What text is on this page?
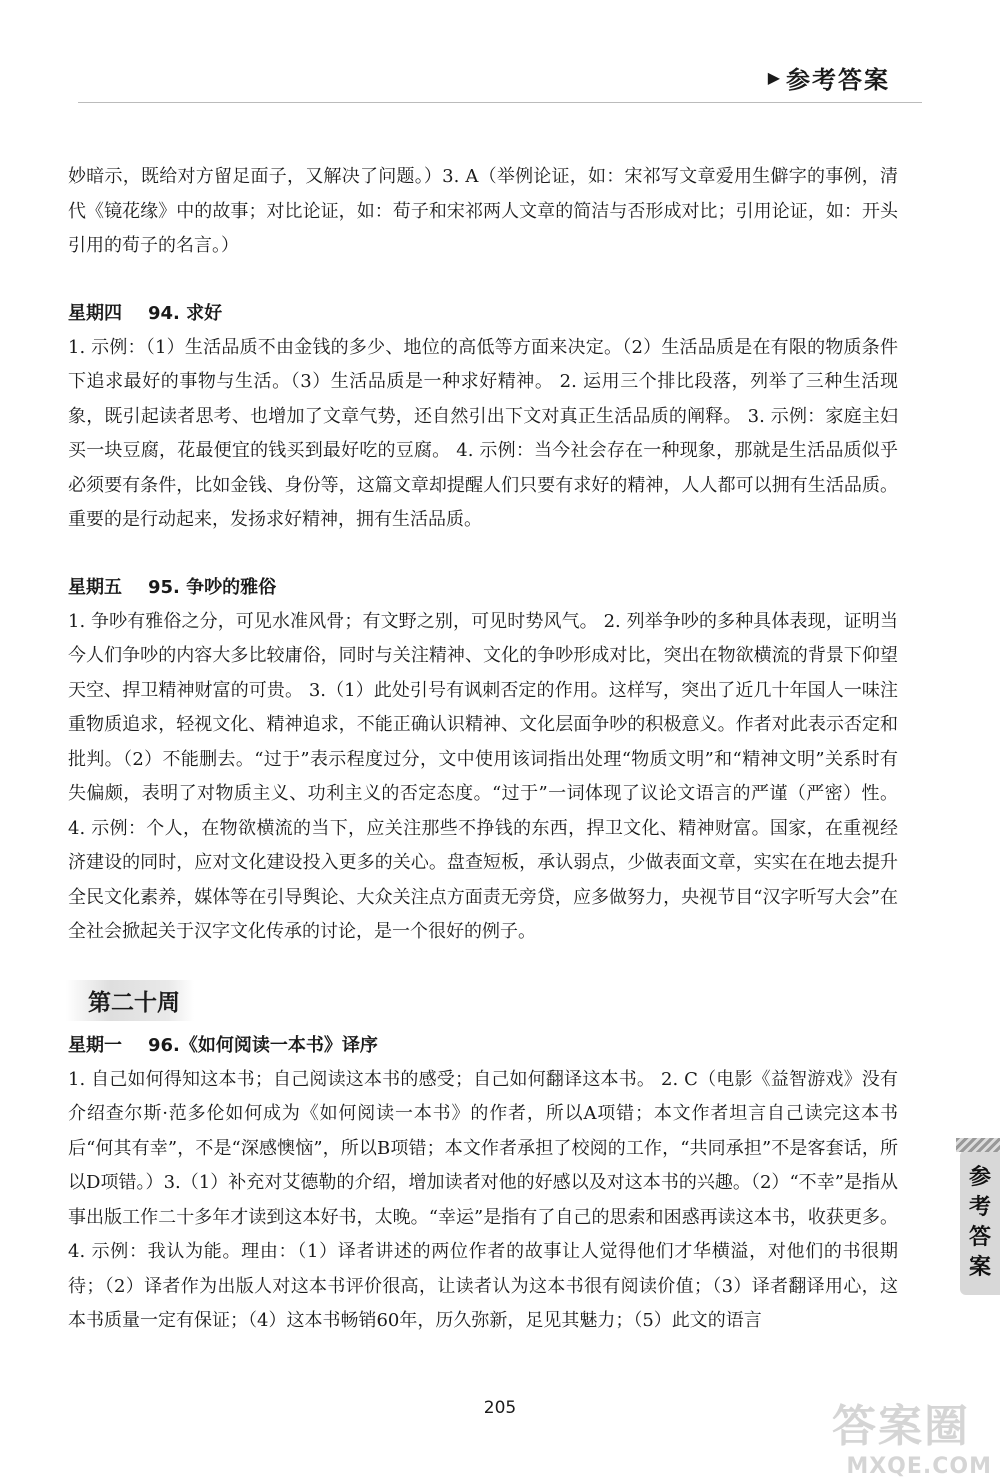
▶ 参考答案

妙暗示，既给对方留足面子，又解决了问题。）3. A（举例论证，如：宋祁写文章爱用生僻字的事例，清代《镜花缘》中的故事；对比论证，如：荀子和宋祁两人文章的简洁与否形成对比；引用论证，如：开头引用的荀子的名言。）

星期四 94. 求好

1. 示例：（1）生活品质不由金钱的多少、地位的高低等方面来决定。（2）生活品质是在有限的物质条件下追求最好的事物与生活。（3）生活品质是一种求好精神。 2. 运用三个排比段落，列举了三种生活现象，既引起读者思考、也增加了文章气势，还自然引出下文对真正生活品质的阐释。 3. 示例：家庭主妇买一块豆腐，花最便宜的钱买到最好吃的豆腐。 4. 示例：当今社会存在一种现象，那就是生活品质似乎必须要有条件，比如金钱、身份等，这篇文章却提醒人们只要有求好的精神，人人都可以拥有生活品质。重要的是行动起来，发扬求好精神，拥有生活品质。

星期五 95. 争吵的雅俗

1. 争吵有雅俗之分，可见水准风骨；有文野之别，可见时势风气。 2. 列举争吵的多种具体表现，证明当今人们争吵的内容大多比较庸俗，同时与关注精神、文化的争吵形成对比，突出在物欲横流的背景下仰望天空、捍卫精神财富的可贵。 3.（1）此处引号有讽刺否定的作用。这样写，突出了近几十年国人一味注重物质追求，轻视文化、精神追求，不能正确认识精神、文化层面争吵的积极意义。作者对此表示否定和批判。（2）不能删去。“过于”表示程度过分，文中使用该词指出处理“物质文明”和“精神文明”关系时有失偏颇，表明了对物质主义、功利主义的否定态度。“过于”一词体现了议论文语言的严谨（严密）性。 4. 示例：个人，在物欲横流的当下，应关注那些不挣钱的东西，捍卫文化、精神财富。国家，在重视经济建设的同时，应对文化建设投入更多的关心。盘查短板，承认弱点，少做表面文章，实实在在地去提升全民文化素养，媒体等在引导舆论、大众关注点方面责无旁贷，应多做努力，央视节目“汉字听写大会”在全社会掀起关于汉字文化传承的讨论，是一个很好的例子。

第二十周
星期一 96.《如何阅读一本书》译序

1. 自己如何得知这本书；自己阅读这本书的感受；自己如何翻译这本书。 2. C（电影《益智游戏》没有介绍查尔斯·范多伦如何成为《如何阅读一本书》的作者，所以A项错；本文作者坦言自己读完这本书后“何其有幸”，不是“深感懊恼”，所以B项错；本文作者承担了校阅的工作，“共同承担”不是客套话，所以D项错。）3.（1）补充对艾德勒的介绍，增加读者对他的好感以及对这本书的兴趣。（2）“不幸”是指从事出版工作二十多年才读到这本好书，太晚。“幸运”是指有了自己的思索和困惑再读这本书，收获更多。 4. 示例：我认为能。理由：（1）译者讲述的两位作者的故事让人觉得他们才华横溢，对他们的书很期待；（2）译者作为出版人对这本书评价很高，让读者认为这本书很有阅读价值；（3）译者翻译用心，这本书质量一定有保证；（4）这本书畅销60年，历久弥新，足见其魅力；（5）此文的语言

参
考
答
案
205	答案圈
MXQE.COM
